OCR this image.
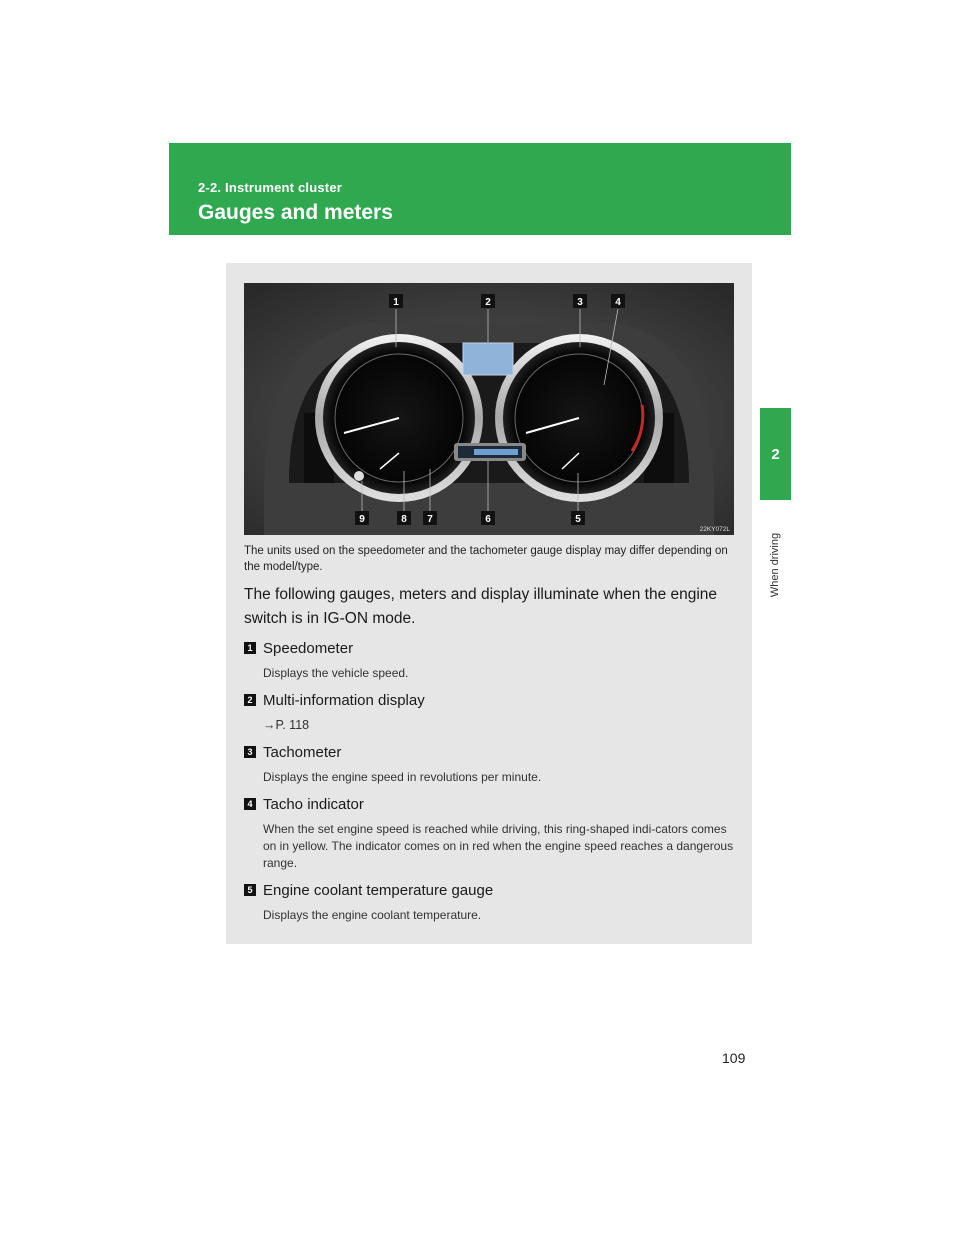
2-2. Instrument cluster
Gauges and meters
2
When driving
1	2	3	4
5
6
7
8
9
22KY072L
The units used on the speedometer and the tachometer gauge display may differ depending on the model/type.
The following gauges, meters and display illuminate when the engine switch is in IG-ON mode.
1 Speedometer
Displays the vehicle speed.
2 Multi-information display
→P. 118
3 Tachometer
Displays the engine speed in revolutions per minute.
4 Tacho indicator
When the set engine speed is reached while driving, this ring-shaped indi-cators comes on in yellow. The indicator comes on in red when the engine speed reaches a dangerous range.
5 Engine coolant temperature gauge
Displays the engine coolant temperature.
109
